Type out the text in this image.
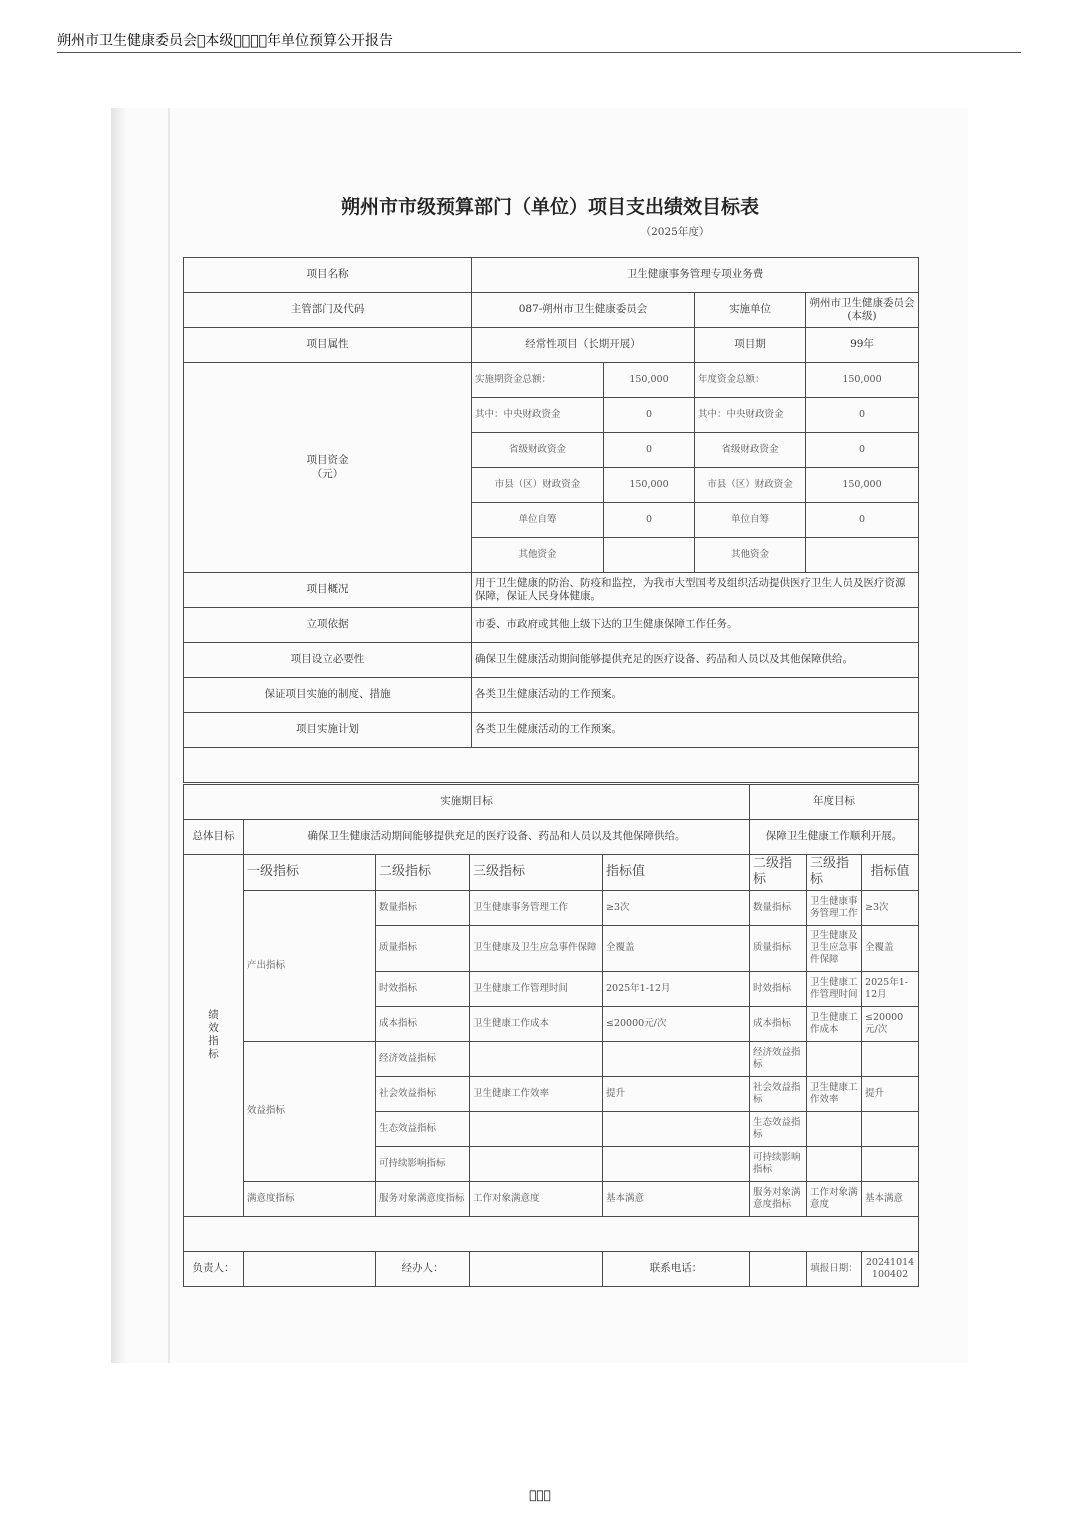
朔州市卫生健康委员会 本级    年单位预算公开报告
朔州市市级预算部门（单位）项目支出绩效目标表
（2025年度）
项目名称	卫生健康事务管理专项业务费			
主管部门及代码	087-朔州市卫生健康委员会		实施单位	朔州市卫生健康委员会(本级)
项目属性	经常性项目（长期开展）		项目期	99年
项目资金
（元）	实施期资金总额：	150,000	年度资金总额：	150,000
	其中：中央财政资金	0	其中：中央财政资金	0
	省级财政资金	0	省级财政资金	0
	市县（区）财政资金	150,000	市县（区）财政资金	150,000
	单位自筹	0	单位自筹	0
	其他资金		其他资金	
项目概况	用于卫生健康的防治、防疫和监控，为我市大型国考及组织活动提供医疗卫生人员及医疗资源保障，保证人民身体健康。			
立项依据	市委、市政府或其他上级下达的卫生健康保障工作任务。			
项目设立必要性	确保卫生健康活动期间能够提供充足的医疗设备、药品和人员以及其他保障供给。			
保证项目实施的制度、措施	各类卫生健康活动的工作预案。			
项目实施计划	各类卫生健康活动的工作预案。			

实施期目标					年度目标		
总体目标	确保卫生健康活动期间能够提供充足的医疗设备、药品和人员以及其他保障供给。				保障卫生健康工作顺利开展。		
绩
效
指
标	一级指标	二级指标	三级指标	指标值	二级指标	三级指标	指标值
	产出指标	数量指标	卫生健康事务管理工作	≥3次	数量指标	卫生健康事务管理工作	≥3次
		质量指标	卫生健康及卫生应急事件保障	全覆盖	质量指标	卫生健康及卫生应急事件保障	全覆盖
		时效指标	卫生健康工作管理时间	2025年1-12月	时效指标	卫生健康工作管理时间	2025年1-12月
		成本指标	卫生健康工作成本	≤20000元/次	成本指标	卫生健康工作成本	≤20000元/次
	效益指标	经济效益指标			经济效益指标		
		社会效益指标	卫生健康工作效率	提升	社会效益指标	卫生健康工作效率	提升
		生态效益指标			生态效益指标		
		可持续影响指标			可持续影响指标		
	满意度指标	服务对象满意度指标	工作对象满意度	基本满意	服务对象满意度指标	工作对象满意度	基本满意

负责人：		经办人：		联系电话：		填报日期：	20241014100402
   
